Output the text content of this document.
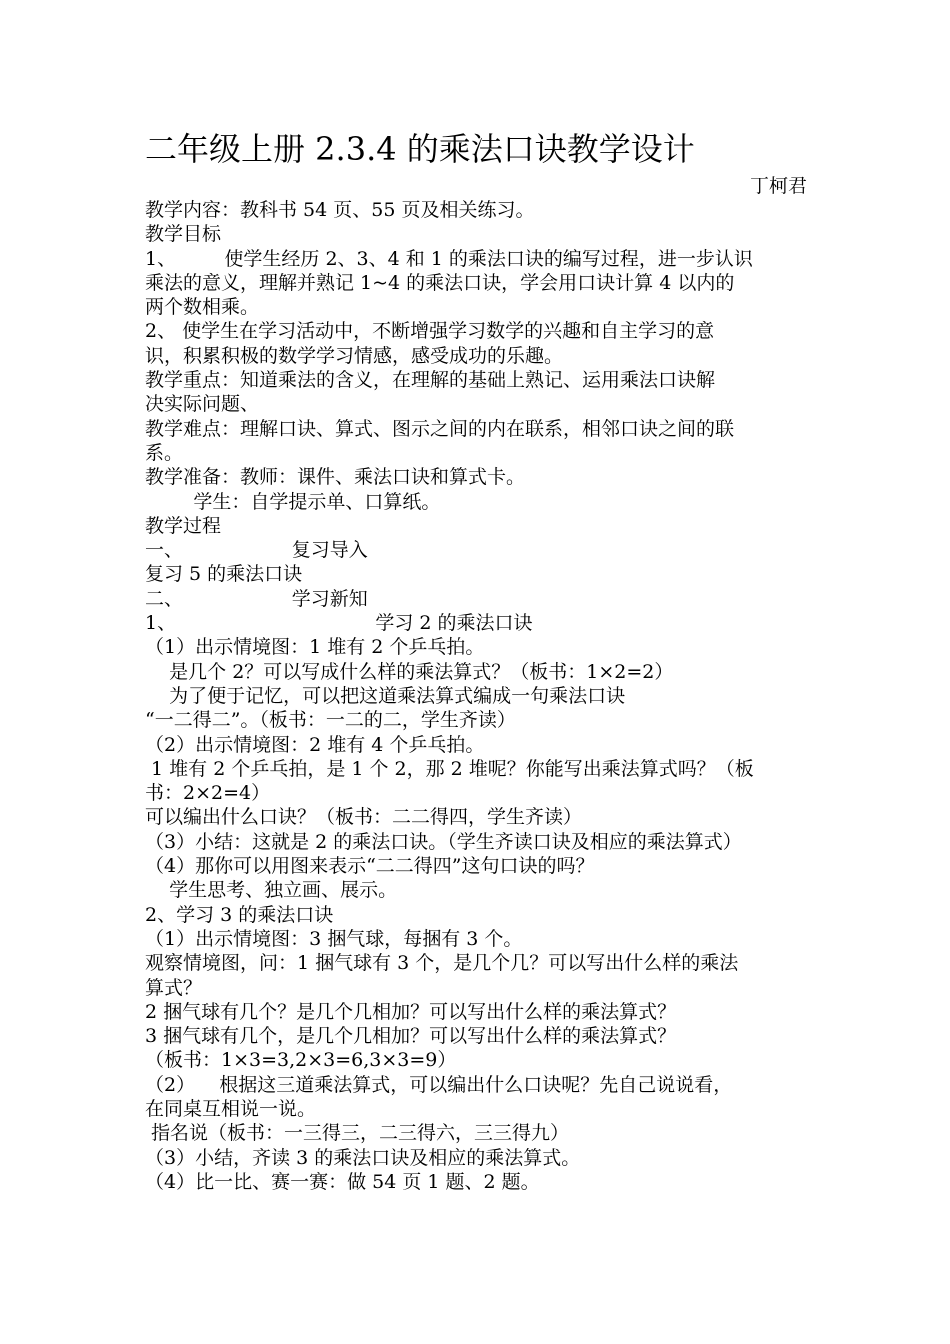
二年级上册 2.3.4 的乘法口诀教学设计
丁柯君
教学内容：教科书 54 页、55 页及相关练习。
教学目标
1、        使学生经历 2、3、4 和 1 的乘法口诀的编写过程，进一步认识
乘法的意义，理解并熟记 1~4 的乘法口诀，学会用口诀计算 4 以内的
两个数相乘。
2、 使学生在学习活动中，不断增强学习数学的兴趣和自主学习的意
识，积累积极的数学学习情感，感受成功的乐趣。
教学重点：知道乘法的含义，在理解的基础上熟记、运用乘法口诀解
决实际问题、
教学难点：理解口诀、算式、图示之间的内在联系，相邻口诀之间的联
系。
教学准备：教师：课件、乘法口诀和算式卡。
学生：自学提示单、口算纸。
教学过程
一、                  复习导入
复习 5 的乘法口诀
二、                  学习新知
1、                                 学习 2 的乘法口诀
（1）出示情境图：1 堆有 2 个乒乓拍。
是几个 2？可以写成什么样的乘法算式？（板书：1×2=2）
为了便于记忆，可以把这道乘法算式编成一句乘法口诀
“一二得二”。（板书：一二的二，学生齐读）
（2）出示情境图：2 堆有 4 个乒乓拍。
1 堆有 2 个乒乓拍，是 1 个 2，那 2 堆呢？你能写出乘法算式吗？（板
书：2×2=4）
可以编出什么口诀？（板书：二二得四，学生齐读）
（3）小结：这就是 2 的乘法口诀。（学生齐读口诀及相应的乘法算式）
（4）那你可以用图来表示“二二得四”这句口诀的吗？
学生思考、独立画、展示。
2、学习 3 的乘法口诀
（1）出示情境图：3 捆气球，每捆有 3 个。
观察情境图，问：1 捆气球有 3 个，是几个几？可以写出什么样的乘法
算式？
2 捆气球有几个？是几个几相加？可以写出什么样的乘法算式？
3 捆气球有几个，是几个几相加？可以写出什么样的乘法算式？
（板书：1×3=3,2×3=6,3×3=9）
（2）    根据这三道乘法算式，可以编出什么口诀呢？先自己说说看，
在同桌互相说一说。
指名说（板书：一三得三，二三得六，三三得九）
（3）小结，齐读 3 的乘法口诀及相应的乘法算式。
（4）比一比、赛一赛：做 54 页 1 题、2 题。
